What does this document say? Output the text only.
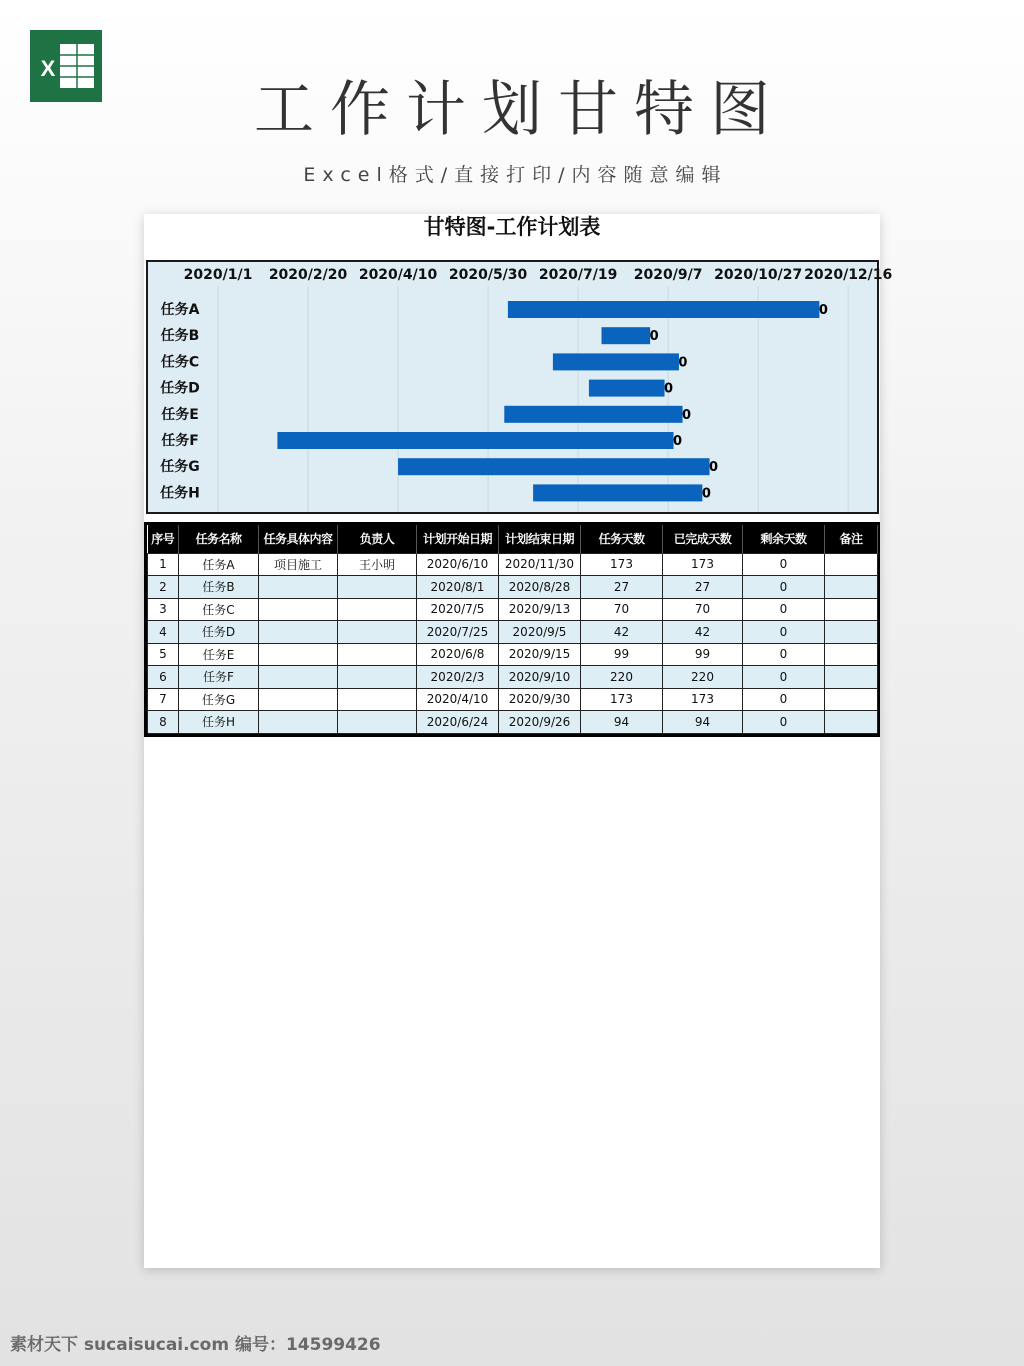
X
工作计划甘特图
Excel格式/直接打印/内容随意编辑
甘特图-工作计划表
2020/1/1 2020/2/20 2020/4/10 2020/5/30 2020/7/19 2020/9/7 2020/10/27 2020/12/16
任务A	0
任务B	0
任务C	0
任务D	0
任务E	0
任务F	0
任务G	0
任务H	0
序号	任务名称	任务具体内容	负责人	计划开始日期	计划结束日期	任务天数	已完成天数	剩余天数	备注
1	任务A	项目施工	王小明	2020/6/10	2020/11/30	173	173	0	
2	任务B			2020/8/1	2020/8/28	27	27	0	
3	任务C			2020/7/5	2020/9/13	70	70	0	
4	任务D			2020/7/25	2020/9/5	42	42	0	
5	任务E			2020/6/8	2020/9/15	99	99	0	
6	任务F			2020/2/3	2020/9/10	220	220	0	
7	任务G			2020/4/10	2020/9/30	173	173	0	
8	任务H			2020/6/24	2020/9/26	94	94	0	
素材天下 sucaisucai.com 编号：14599426
